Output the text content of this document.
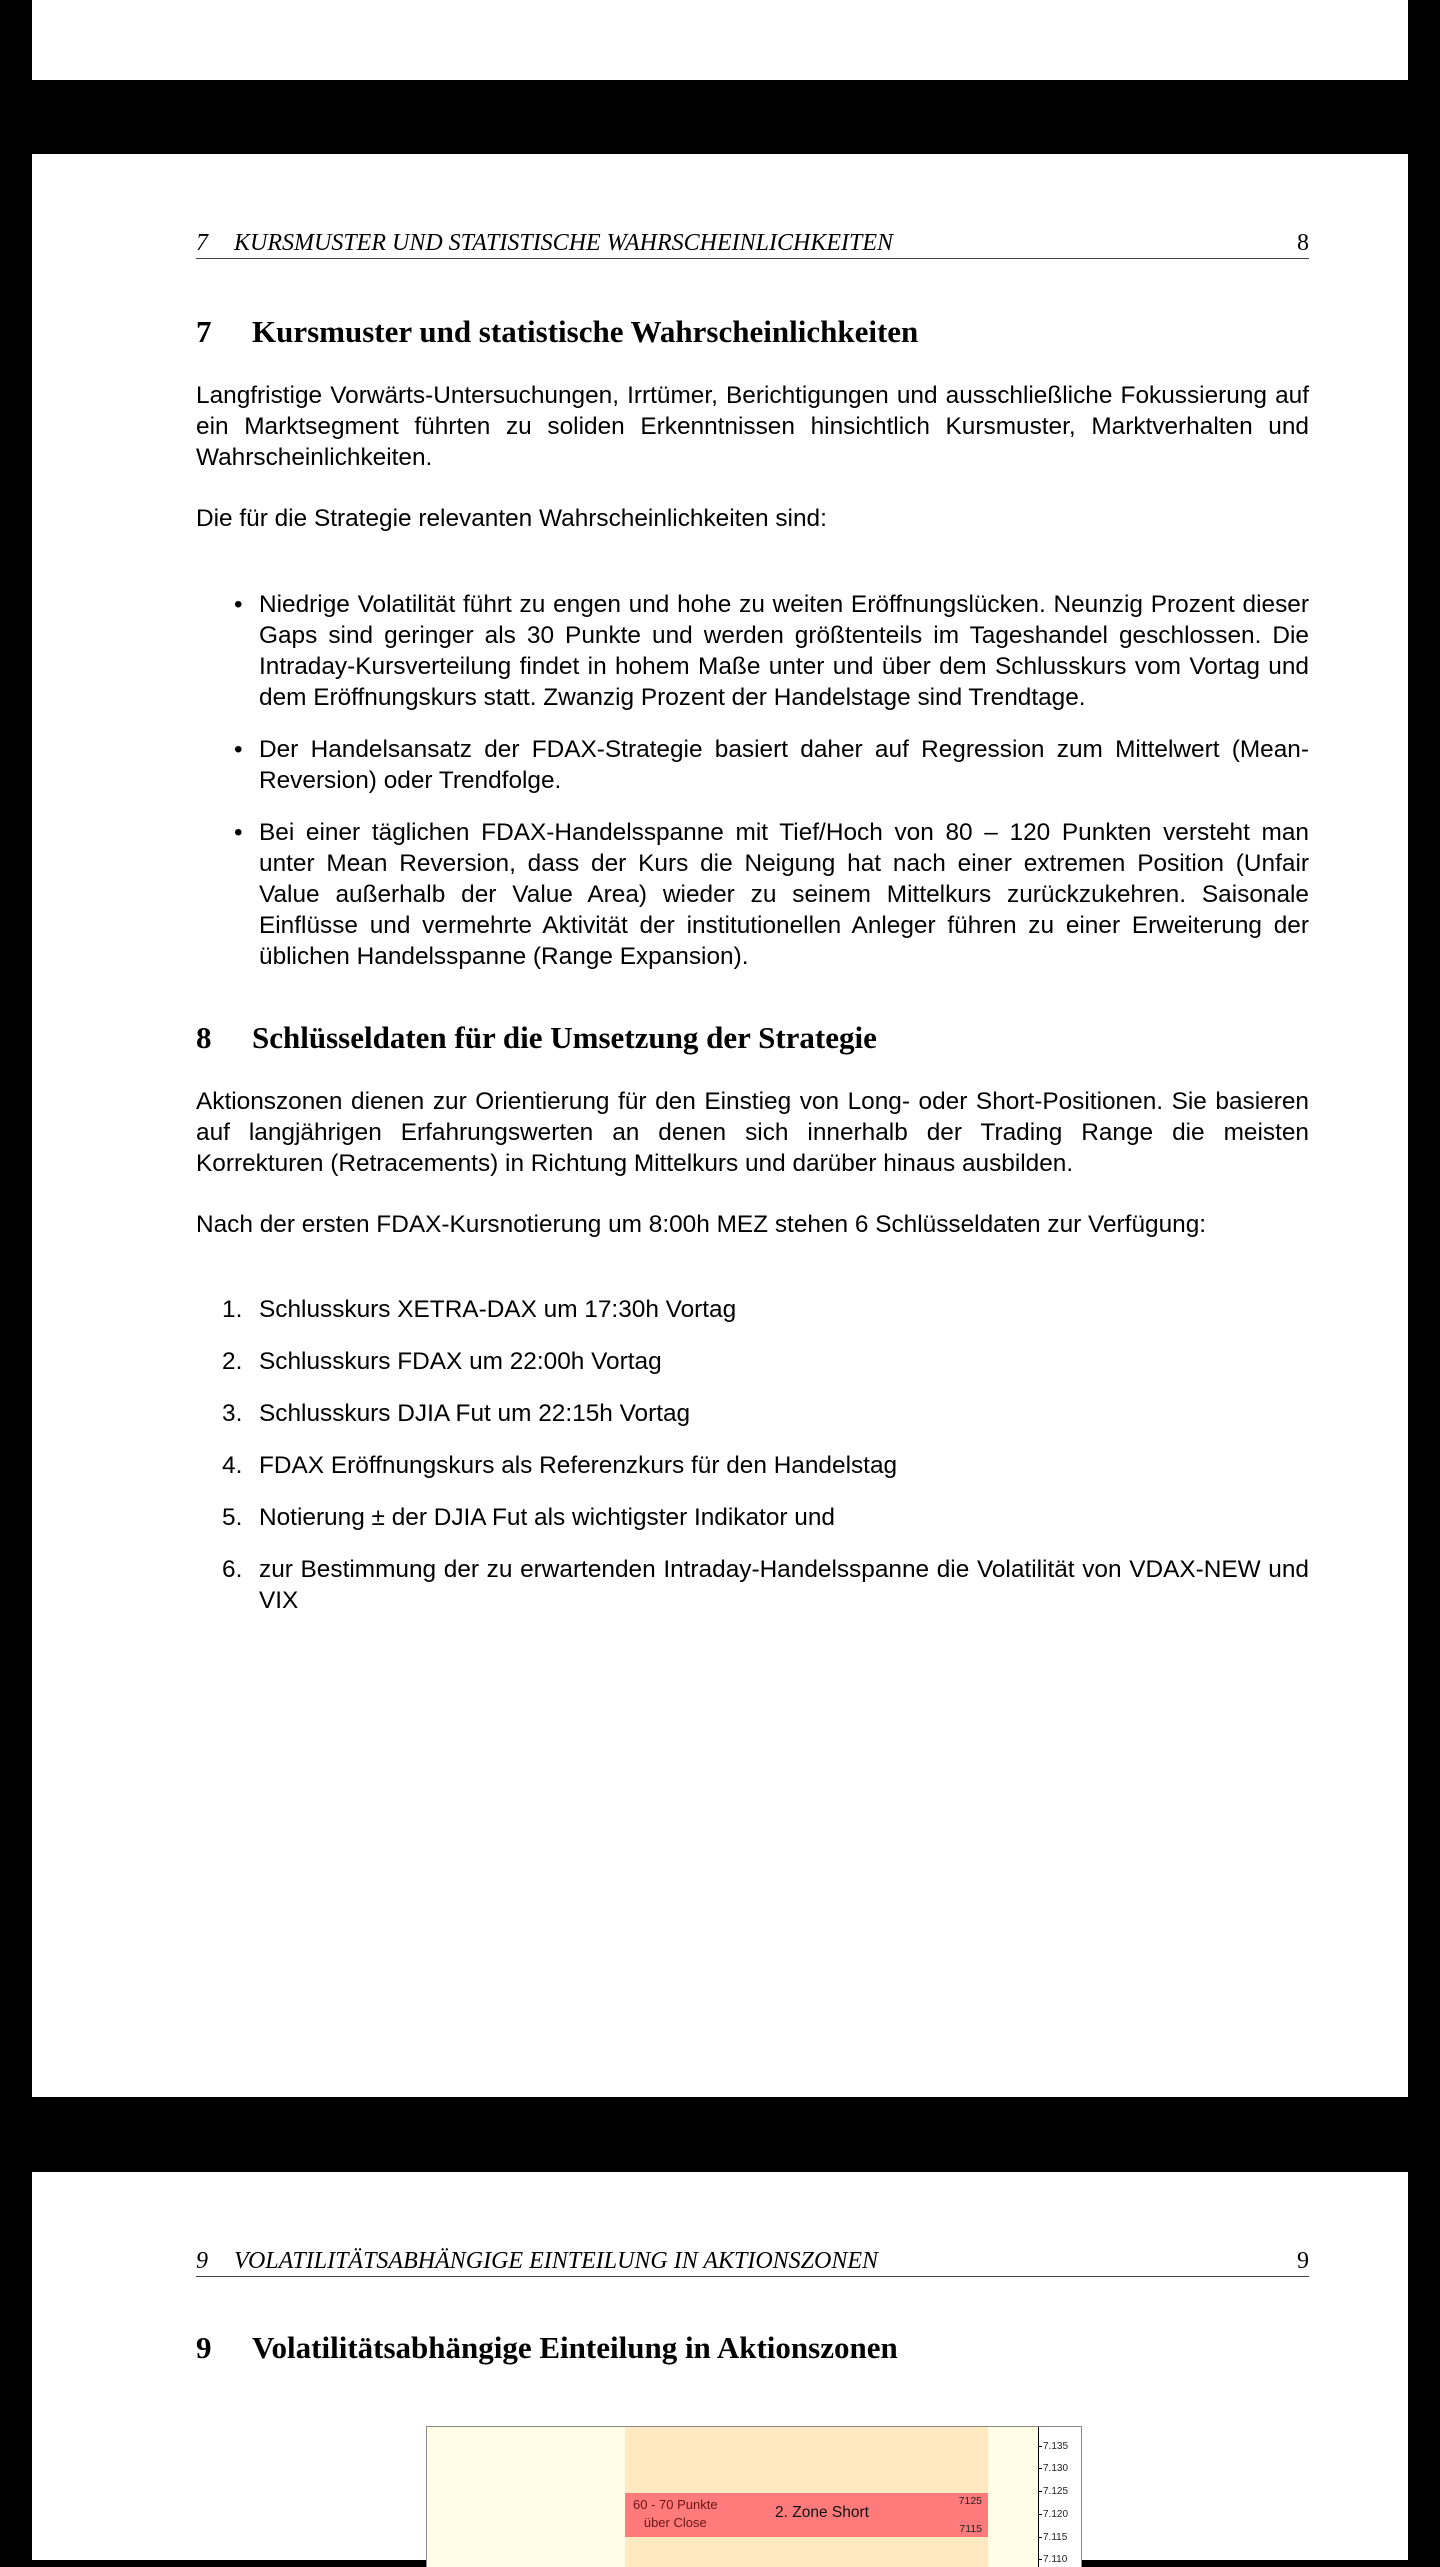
7 KURSMUSTER UND STATISTISCHE WAHRSCHEINLICHKEITEN	8
7 Kursmuster und statistische Wahrscheinlichkeiten

Langfristige Vorwärts-Untersuchungen, Irrtümer, Berichtigungen und ausschließliche Fokussierung auf ein Marktsegment führten zu soliden Erkenntnissen hinsichtlich Kursmuster, Marktverhalten und Wahrscheinlichkeiten.

Die für die Strategie relevanten Wahrscheinlichkeiten sind:

• Niedrige Volatilität führt zu engen und hohe zu weiten Eröffnungslücken. Neunzig Prozent dieser Gaps sind geringer als 30 Punkte und werden größtenteils im Tageshandel geschlossen. Die Intraday-Kursverteilung findet in hohem Maße unter und über dem Schlusskurs vom Vortag und dem Eröffnungskurs statt. Zwanzig Prozent der Handelstage sind Trendtage.
• Der Handelsansatz der FDAX-Strategie basiert daher auf Regression zum Mittelwert (Mean-Reversion) oder Trendfolge.
• Bei einer täglichen FDAX-Handelsspanne mit Tief/Hoch von 80 – 120 Punkten versteht man unter Mean Reversion, dass der Kurs die Neigung hat nach einer extremen Position (Unfair Value außerhalb der Value Area) wieder zu seinem Mittelkurs zurückzukehren. Saisonale Einflüsse und vermehrte Aktivität der institutionellen Anleger führen zu einer Erweiterung der üblichen Handelsspanne (Range Expansion).
8 Schlüsseldaten für die Umsetzung der Strategie

Aktionszonen dienen zur Orientierung für den Einstieg von Long- oder Short-Positionen. Sie basieren auf langjährigen Erfahrungswerten an denen sich innerhalb der Trading Range die meisten Korrekturen (Retracements) in Richtung Mittelkurs und darüber hinaus ausbilden.

Nach der ersten FDAX-Kursnotierung um 8:00h MEZ stehen 6 Schlüsseldaten zur Verfügung:

1. Schlusskurs XETRA-DAX um 17:30h Vortag
2. Schlusskurs FDAX um 22:00h Vortag
3. Schlusskurs DJIA Fut um 22:15h Vortag
4. FDAX Eröffnungskurs als Referenzkurs für den Handelstag
5. Notierung ± der DJIA Fut als wichtigster Indikator und
6. zur Bestimmung der zu erwartenden Intraday-Handelsspanne die Volatilität von VDAX-NEW und VIX
9 VOLATILITÄTSABHÄNGIGE EINTEILUNG IN AKTIONSZONEN	9
9 Volatilitätsabhängige Einteilung in Aktionszonen
60 - 70 Punkte
über Close
2. Zone Short
7125
7115
7.135
7.130
7.125
7.120
7.115
7.110
